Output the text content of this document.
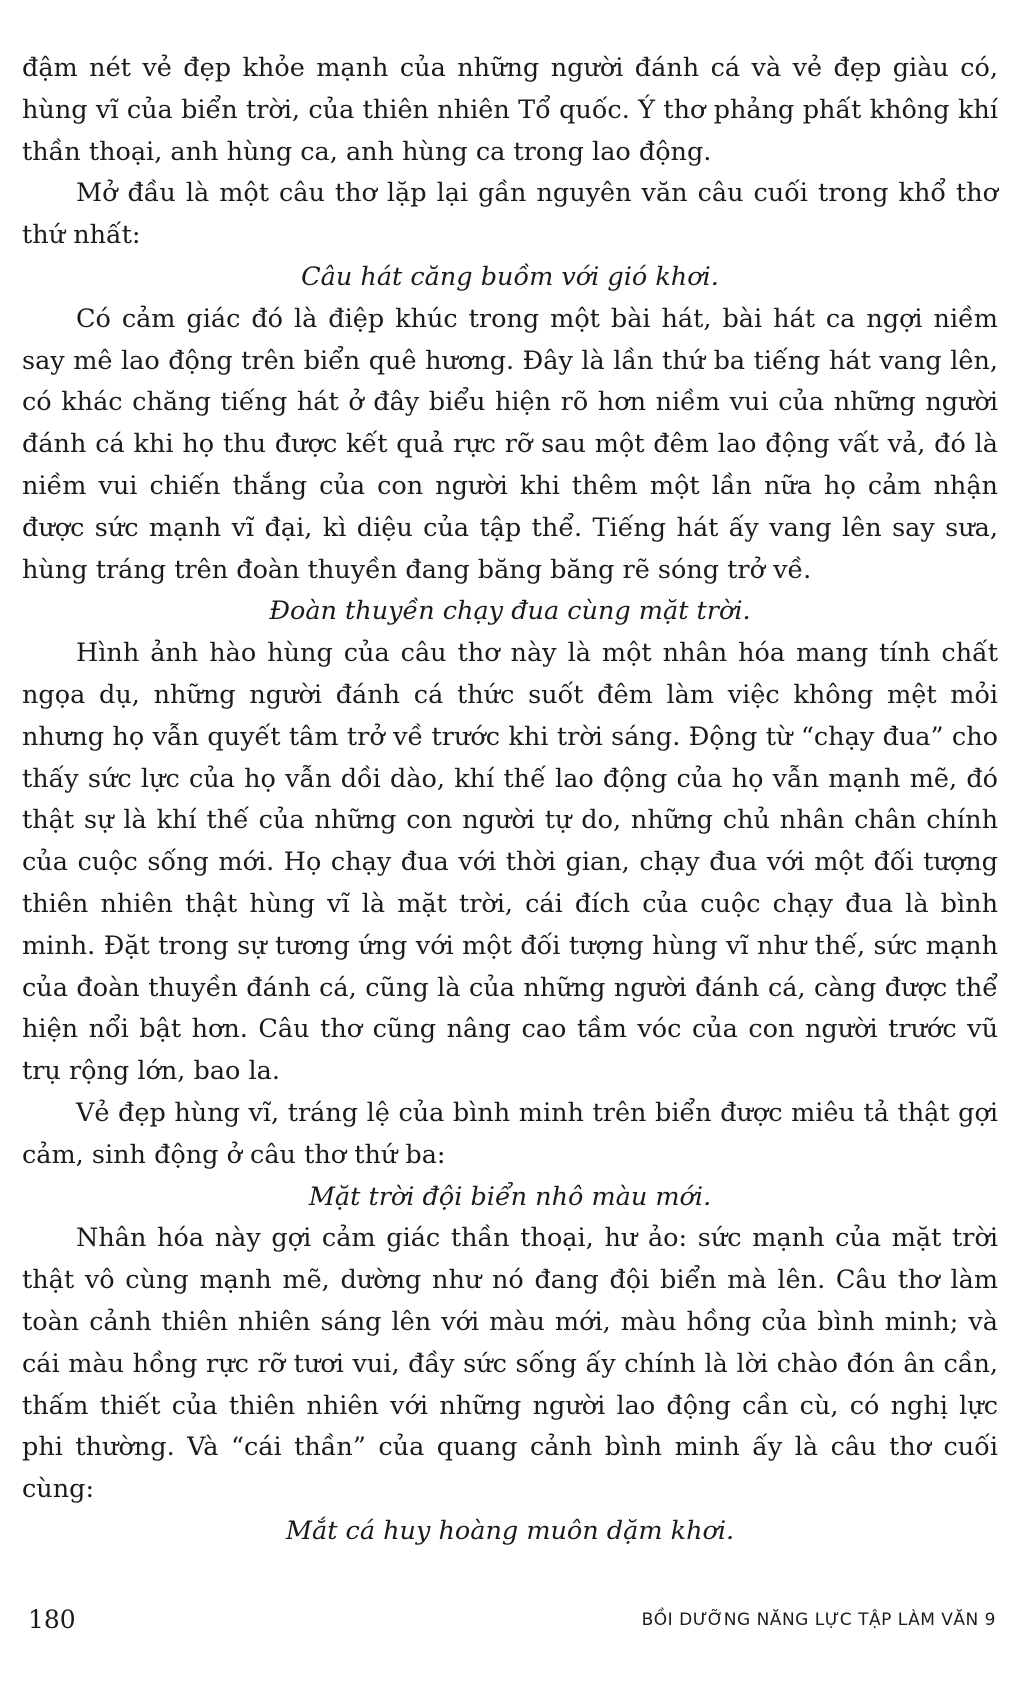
đậm nét vẻ đẹp khỏe mạnh của những người đánh cá và vẻ đẹp giàu có, hùng vĩ của biển trời, của thiên nhiên Tổ quốc. Ý thơ phảng phất không khí thần thoại, anh hùng ca, anh hùng ca trong lao động.

Mở đầu là một câu thơ lặp lại gần nguyên văn câu cuối trong khổ thơ thứ nhất:

Câu hát căng buồm với gió khơi.

Có cảm giác đó là điệp khúc trong một bài hát, bài hát ca ngợi niềm say mê lao động trên biển quê hương. Đây là lần thứ ba tiếng hát vang lên, có khác chăng tiếng hát ở đây biểu hiện rõ hơn niềm vui của những người đánh cá khi họ thu được kết quả rực rỡ sau một đêm lao động vất vả, đó là niềm vui chiến thắng của con người khi thêm một lần nữa họ cảm nhận được sức mạnh vĩ đại, kì diệu của tập thể. Tiếng hát ấy vang lên say sưa, hùng tráng trên đoàn thuyền đang băng băng rẽ sóng trở về.

Đoàn thuyền chạy đua cùng mặt trời.

Hình ảnh hào hùng của câu thơ này là một nhân hóa mang tính chất ngọa dụ, những người đánh cá thức suốt đêm làm việc không mệt mỏi nhưng họ vẫn quyết tâm trở về trước khi trời sáng. Động từ “chạy đua” cho thấy sức lực của họ vẫn dồi dào, khí thế lao động của họ vẫn mạnh mẽ, đó thật sự là khí thế của những con người tự do, những chủ nhân chân chính của cuộc sống mới. Họ chạy đua với thời gian, chạy đua với một đối tượng thiên nhiên thật hùng vĩ là mặt trời, cái đích của cuộc chạy đua là bình minh. Đặt trong sự tương ứng với một đối tượng hùng vĩ như thế, sức mạnh của đoàn thuyền đánh cá, cũng là của những người đánh cá, càng được thể hiện nổi bật hơn. Câu thơ cũng nâng cao tầm vóc của con người trước vũ trụ rộng lớn, bao la.

Vẻ đẹp hùng vĩ, tráng lệ của bình minh trên biển được miêu tả thật gợi cảm, sinh động ở câu thơ thứ ba:

Mặt trời đội biển nhô màu mới.

Nhân hóa này gợi cảm giác thần thoại, hư ảo: sức mạnh của mặt trời thật vô cùng mạnh mẽ, dường như nó đang đội biển mà lên. Câu thơ làm toàn cảnh thiên nhiên sáng lên với màu mới, màu hồng của bình minh; và cái màu hồng rực rỡ tươi vui, đầy sức sống ấy chính là lời chào đón ân cần, thấm thiết của thiên nhiên với những người lao động cần cù, có nghị lực phi thường. Và “cái thần” của quang cảnh bình minh ấy là câu thơ cuối cùng:

Mắt cá huy hoàng muôn dặm khơi.

180	BỒI DƯỠNG NĂNG LỰC TẬP LÀM VĂN 9
